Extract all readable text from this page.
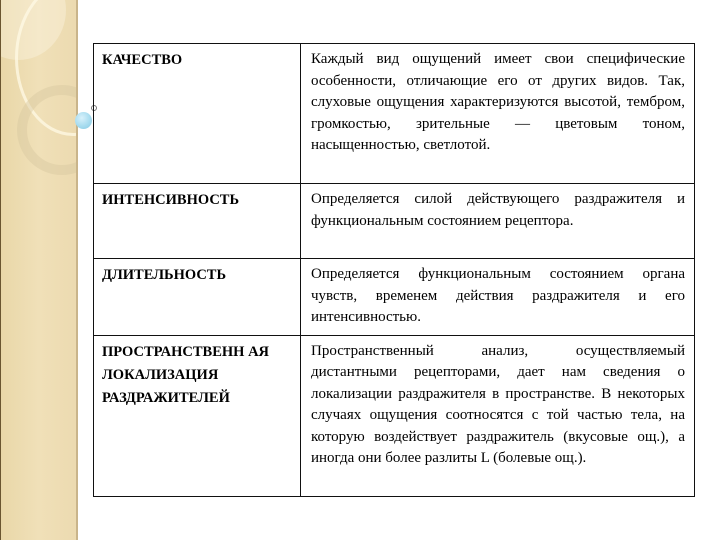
КАЧЕСТВО	Каждый вид ощущений имеет свои специфические особенности, отличающие его от других видов. Так, слуховые ощущения характеризуются высотой, тембром, громкостью, зрительные — цветовым тоном, насыщенностью, светлотой.
ИНТЕНСИВНОСТЬ	Определяется силой действующего раздражителя и функциональным состоянием рецептора.
ДЛИТЕЛЬНОСТЬ	Определяется функциональным состоянием органа чувств, временем действия раздражителя и его интенсивностью.
ПРОСТРАНСТВЕНН АЯ ЛОКАЛИЗАЦИЯ РАЗДРАЖИТЕЛЕЙ	Пространственный анализ, осуществляемый дистантными рецепторами, дает нам сведения о локализации раздражителя в пространстве. В некоторых случаях ощущения соотносятся с той частью тела, на которую воздействует раздражитель (вкусовые ощ.), а иногда они более разлиты L (болевые ощ.).
